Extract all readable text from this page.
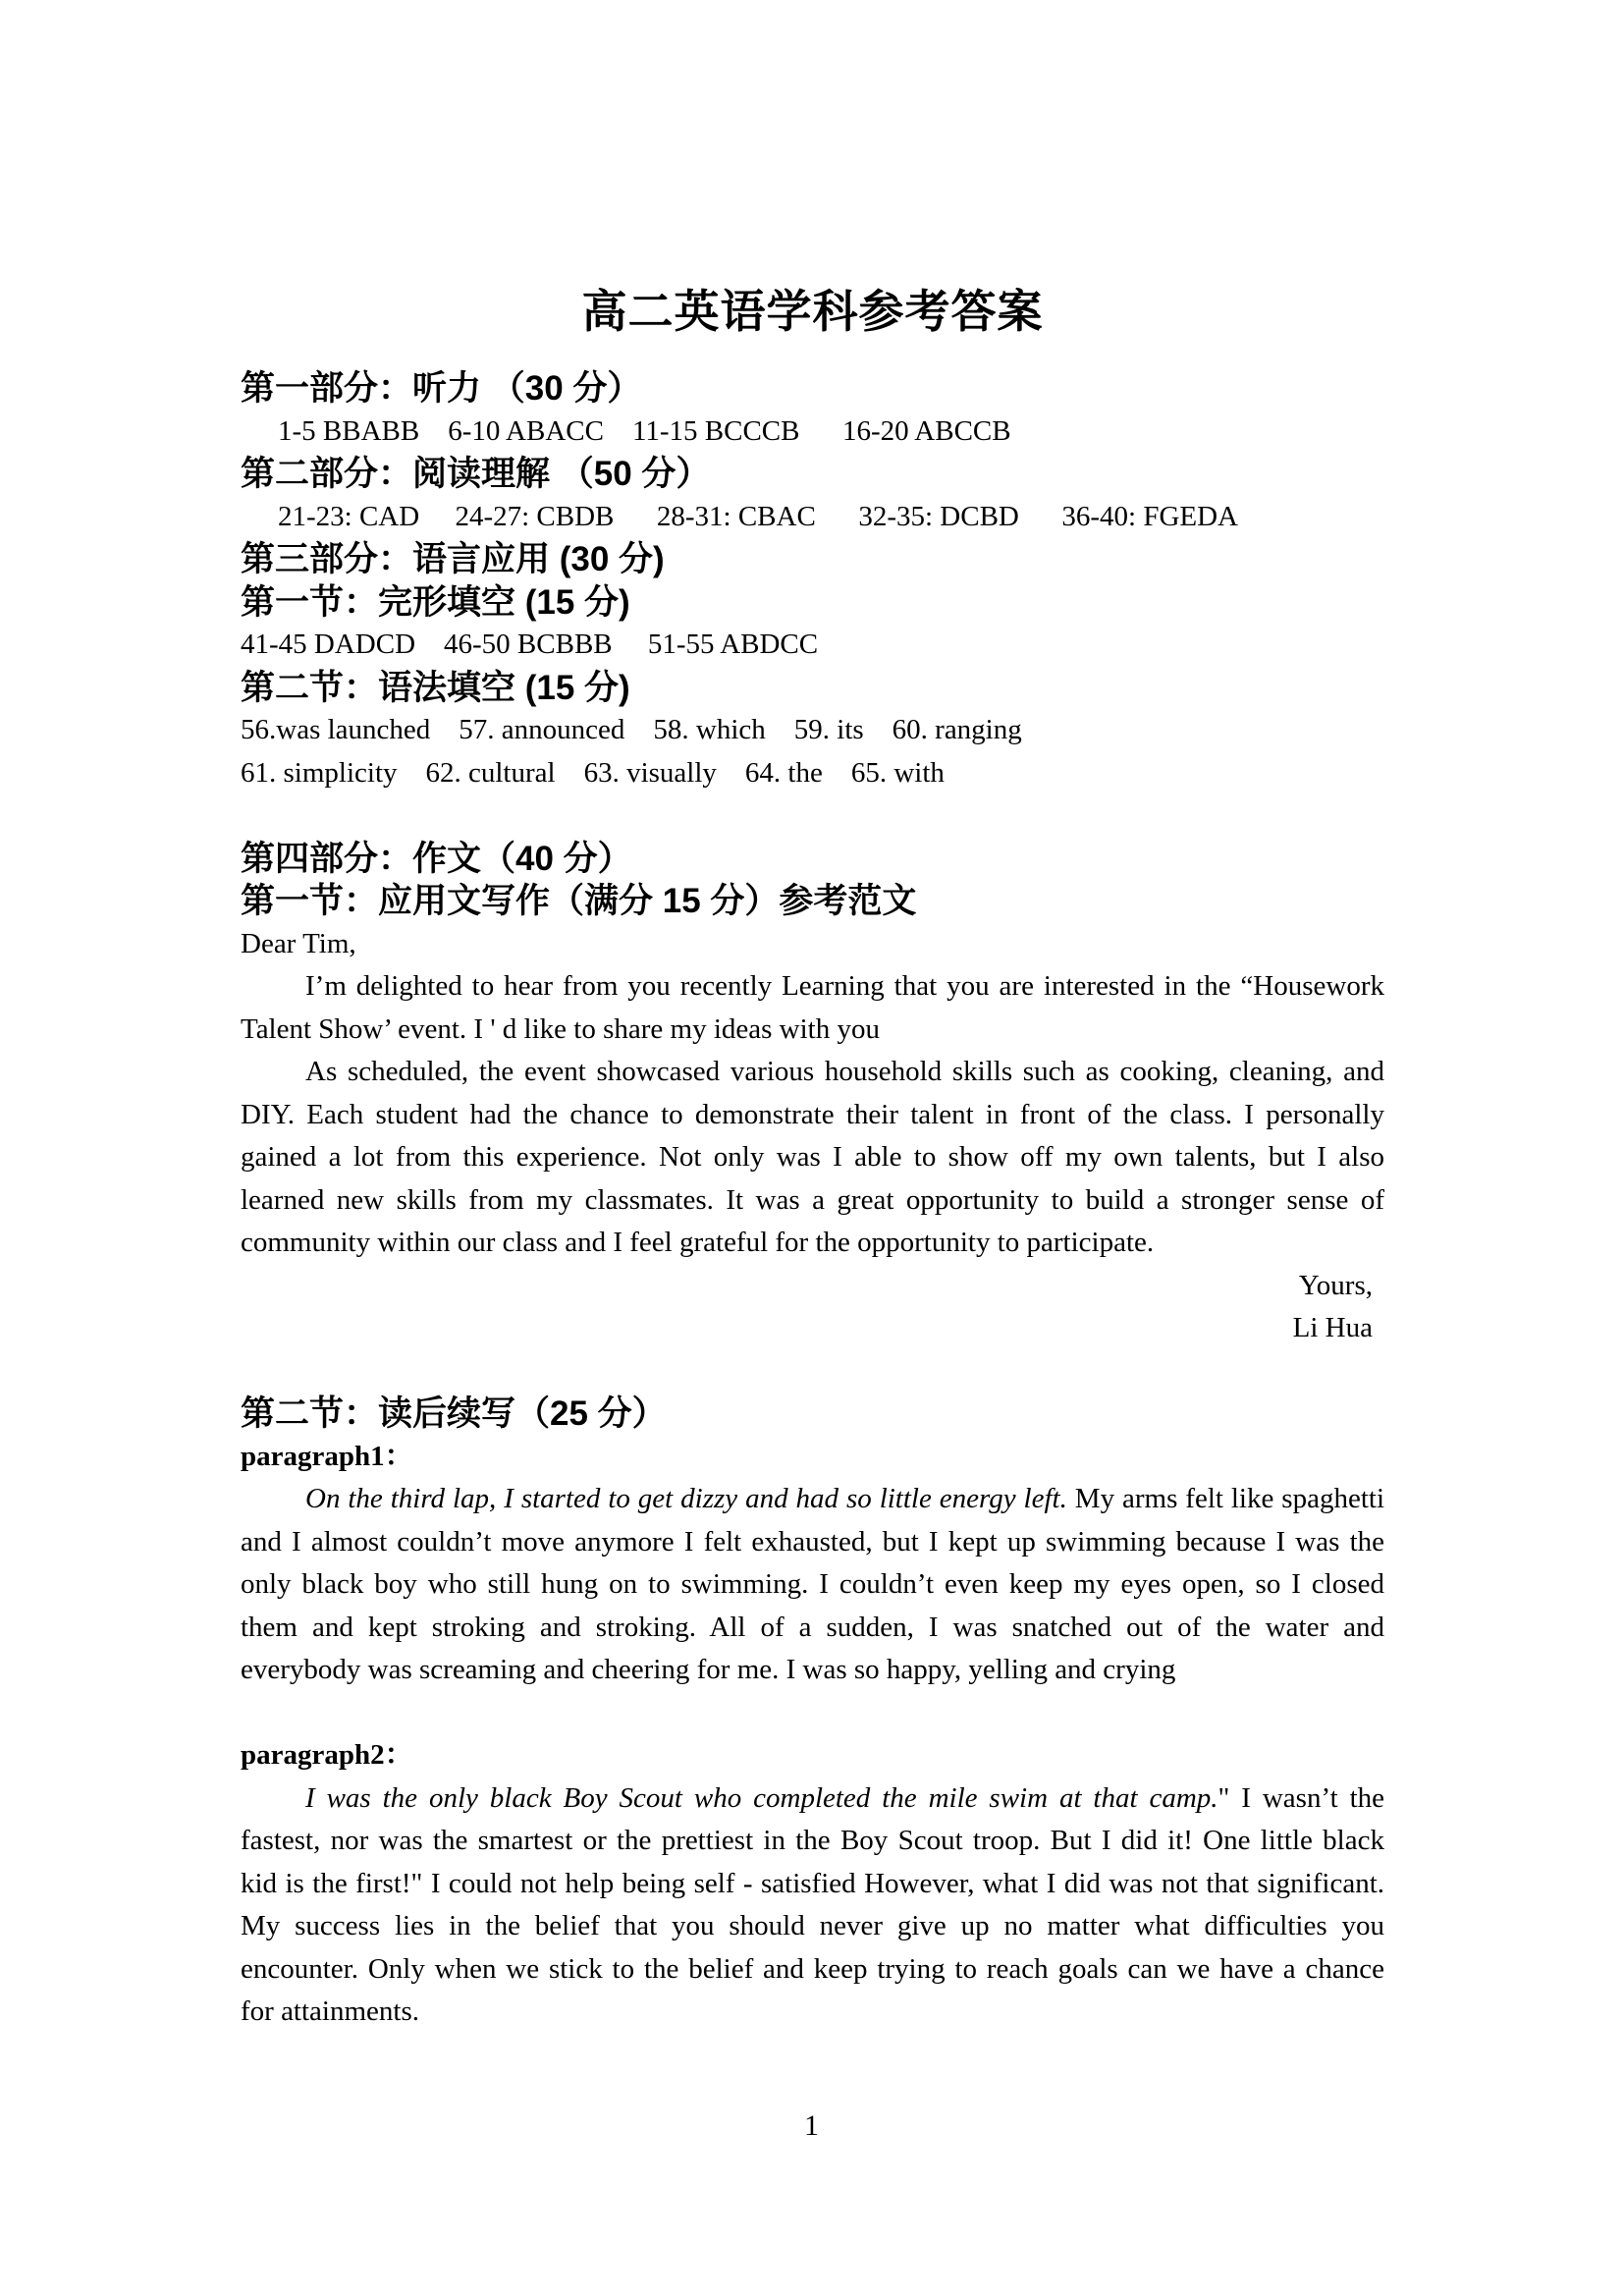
高二英语学科参考答案
第一部分：听力 （30 分）
1-5 BBABB    6-10 ABACC    11-15 BCCCB      16-20 ABCCB
第二部分：阅读理解 （50 分）
21-23: CAD     24-27: CBDB      28-31: CBAC      32-35: DCBD      36-40: FGEDA
第三部分：语言应用 (30 分)
第一节：完形填空 (15 分)
41-45 DADCD    46-50 BCBBB     51-55 ABDCC
第二节：语法填空 (15 分)
56.was launched    57. announced    58. which    59. its    60. ranging
61. simplicity    62. cultural    63. visually    64. the    65. with
第四部分：作文（40 分）
第一节：应用文写作（满分 15 分）参考范文
Dear Tim,
I’m delighted to hear from you recently Learning that you are interested in the “Housework
Talent Show’ event. I ' d like to share my ideas with you
As scheduled, the event showcased various household skills such as cooking, cleaning, and
DIY. Each student had the chance to demonstrate their talent in front of the class. I personally
gained a lot from this experience. Not only was I able to show off my own talents, but I also
learned new skills from my classmates. It was a great opportunity to build a stronger sense of
community within our class and I feel grateful for the opportunity to participate.
Yours,
Li Hua
第二节：读后续写（25 分）
paragraph1：
On the third lap, I started to get dizzy and had so little energy left. My arms felt like spaghetti
and I almost couldn’t move anymore I felt exhausted, but I kept up swimming because I was the
only black boy who still hung on to swimming. I couldn’t even keep my eyes open, so I closed
them and kept stroking and stroking. All of a sudden, I was snatched out of the water and
everybody was screaming and cheering for me. I was so happy, yelling and crying
paragraph2：
I was the only black Boy Scout who completed the mile swim at that camp." I wasn’t the
fastest, nor was the smartest or the prettiest in the Boy Scout troop. But I did it! One little black
kid is the first!" I could not help being self - satisfied However, what I did was not that significant.
My success lies in the belief that you should never give up no matter what difficulties you
encounter. Only when we stick to the belief and keep trying to reach goals can we have a chance
for attainments.
1
